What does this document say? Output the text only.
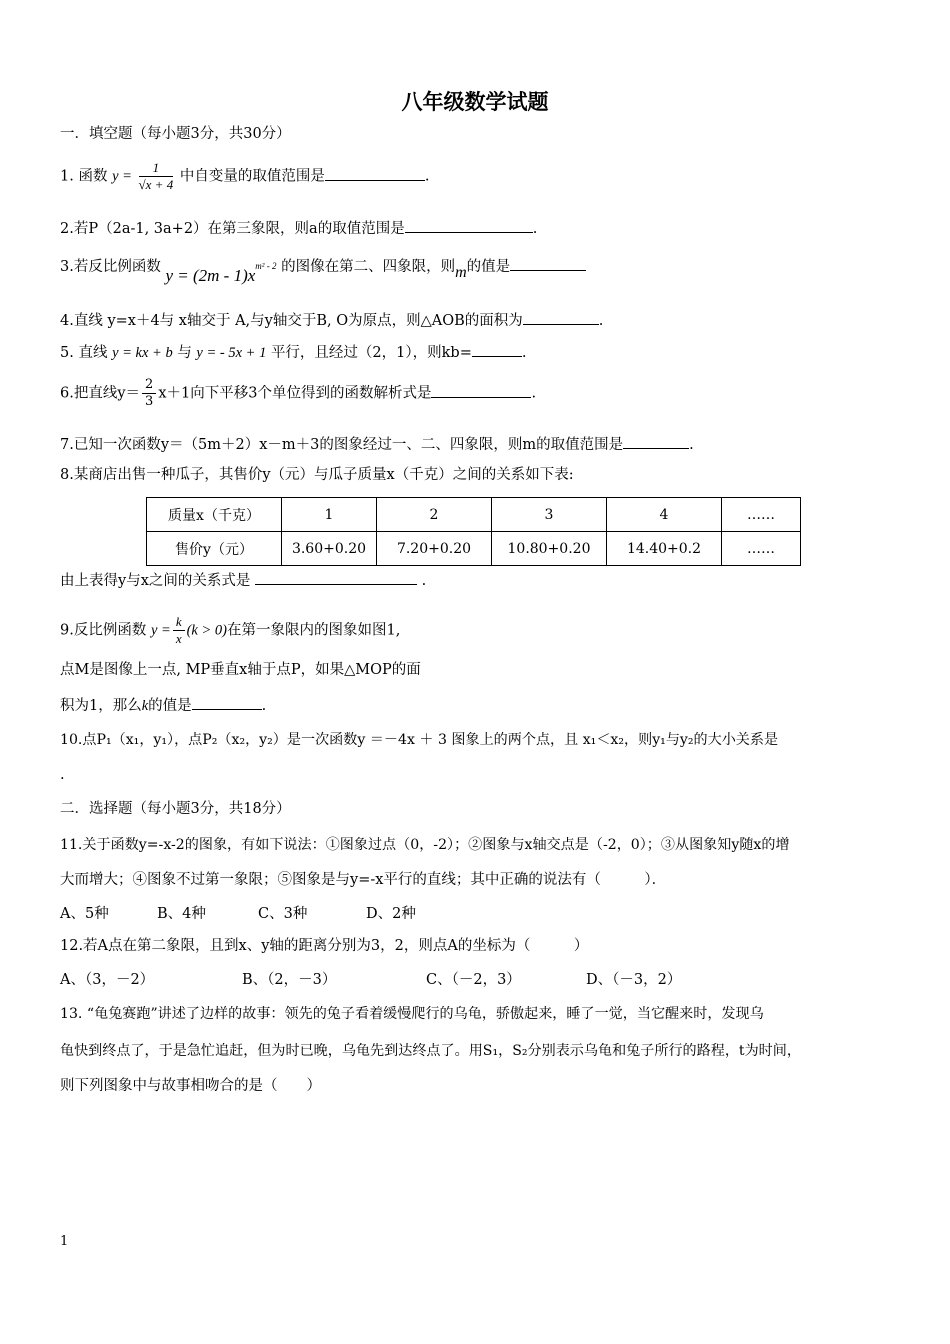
八年级数学试题
一．填空题（每小题3分，共30分）
1. 函数 $y = \frac{1}{√x + 4}$ 中自变量的取值范围是	.
2.若P（2a-1, 3a+2）在第三象限，则a的取值范围是	.
3.若反比例函数 $y = (2m - 1)x^{m^2 - 2}$ 的图像在第二、四象限，则m的值是
4.直线 y=x＋4与 x轴交于 A,与y轴交于B, O为原点，则△AOB的面积为	.
5. 直线 y = kx + b 与 y = - 5x + 1 平行，且经过（2，1），则kb=	.
6.把直线$y= \frac{2}{3} x+1$向下平移3个单位得到的函数解析式是	.
7.已知一次函数y＝（5m＋2）x－m＋3的图象经过一、二、四象限，则m的取值范围是	.
8.某商店出售一种瓜子，其售价y（元）与瓜子质量x（千克）之间的关系如下表:
质量x（千克）	1	2	3	4	……
售价y（元）	3.60+0.20	7.20+0.20	10.80+0.20	14.40+0.2	……
由上表得y与x之间的关系式是	.
9.反比例函数 $y = \frac{k}{x} (k > 0)$在第一象限内的图象如图1,
点M是图像上一点, MP垂直x轴于点P，如果△MOP的面
积为1，那么k的值是	.
10.点P₁（x₁，y₁），点P₂（x₂，y₂）是一次函数y ＝－4x ＋ 3 图象上的两个点，且 x₁＜x₂，则y₁与y₂的大小关系是
.
二．选择题（每小题3分，共18分）
11.关于函数y=-x-2的图象，有如下说法：①图象过点（0，-2）；②图象与x轴交点是（-2，0）；③从图象知y随x的增
大而增大；④图象不过第一象限；⑤图象是与y=-x平行的直线；其中正确的说法有（　　　）．
A、5种	B、4种	C、3种	D、2种
12.若A点在第二象限，且到x、y轴的距离分别为3，2，则点A的坐标为（　　　）
A、（3，－2）	B、（2，－3）	C、（－2，3）	D、（－3，2）
13. “龟兔赛跑”讲述了边样的故事：领先的兔子看着缓慢爬行的乌龟，骄傲起来，睡了一觉，当它醒来时，发现乌
龟快到终点了，于是急忙追赶，但为时已晚，乌龟先到达终点了。用S₁，S₂分别表示乌龟和兔子所行的路程，t为时间，
则下列图象中与故事相吻合的是（　　）
1
